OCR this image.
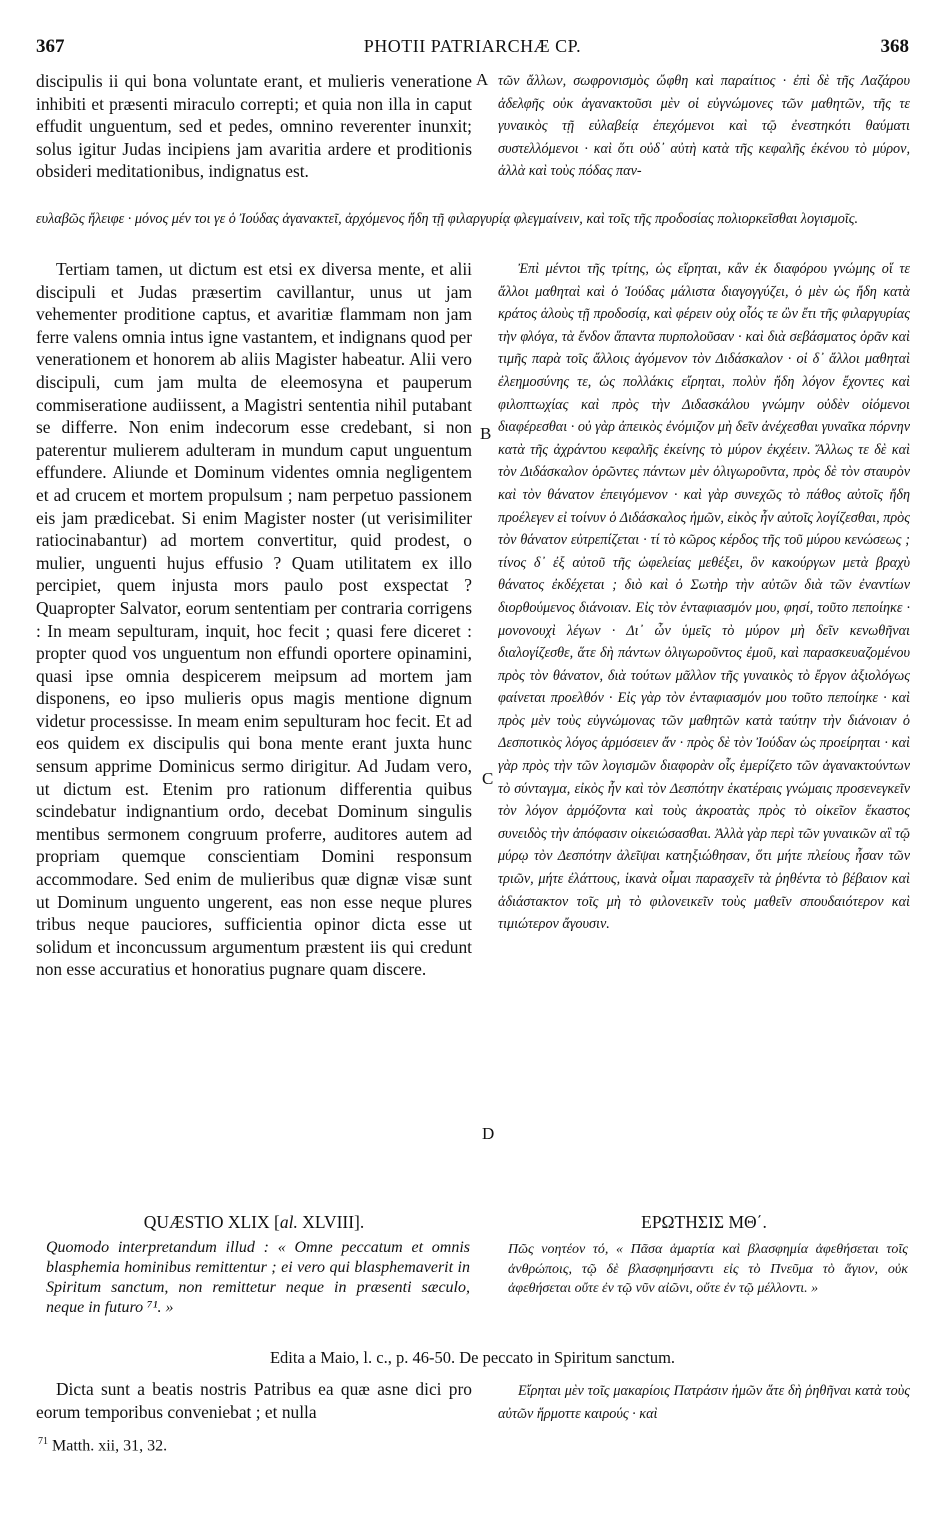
367	PHOTII PATRIARCHÆ CP.	368

discipulis ii qui bona voluntate erant, et mulieris veneratione inhibiti et præsenti miraculo correpti; et quia non illa in caput effudit unguentum, sed et pedes, omnino reverenter inunxit; solus igitur Judas incipiens jam avaritia ardere et proditionis obsideri meditationibus, indignatus est.

A τῶν ἄλλων, σωφρονισμὸς ὤφθη καὶ παραίτιος · ἐπὶ δὲ τῆς Λαζάρου ἀδελφῆς οὐκ ἀγανακτοῦσι μὲν οἱ εὐγνώμονες τῶν μαθητῶν, τῆς τε γυναικὸς τῇ εὐλαβείᾳ ἐπεχόμενοι καὶ τῷ ἐνεστηκότι θαύματι συστελλόμενοι · καὶ ὅτι οὐδ᾽ αὐτὴ κατὰ τῆς κεφαλῆς ἐκένου τὸ μύρον, ἀλλὰ καὶ τοὺς πόδας παν-

ευλαβῶς ἤλειφε · μόνος μέν τοι γε ὁ Ἰούδας ἀγανακτεῖ, ἀρχόμενος ἤδη τῇ φιλαργυρίᾳ φλεγμαίνειν, καὶ τοῖς τῆς προδοσίας πολιορκεῖσθαι λογισμοῖς.

Tertiam tamen, ut dictum est etsi ex diversa mente, et alii discipuli et Judas præsertim cavillantur, unus ut jam vehementer proditione captus, et avaritiæ flammam non jam ferre valens omnia intus igne vastantem, et indignans quod per venerationem et honorem ab aliis Magister habeatur. Alii vero discipuli, cum jam multa de eleemosyna et pauperum commiseratione audiissent, a Magistri sententia nihil putabant se differre. Non enim indecorum esse credebant, si non paterentur mulierem adulteram in mundum caput unguentum effundere. Aliunde et Dominum videntes omnia negligentem et ad crucem et mortem propulsum ; nam perpetuo passionem eis jam prædicebat. Si enim Magister noster (ut verisimiliter ratiocinabantur) ad mortem convertitur, quid prodest, o mulier, unguenti hujus effusio ? Quam utilitatem ex illo percipiet, quem injusta mors paulo post exspectat ? Quapropter Salvator, eorum sententiam per contraria corrigens : In meam sepulturam, inquit, hoc fecit ; quasi fere diceret : propter quod vos unguentum non effundi oportere opinamini, quasi ipse omnia despicerem meipsum ad mortem jam disponens, eo ipso mulieris opus magis mentione dignum videtur processisse. In meam enim sepulturam hoc fecit. Et ad eos quidem ex discipulis qui bona mente erant juxta hunc sensum apprime Dominicus sermo dirigitur. Ad Judam vero, ut dictum est. Etenim pro rationum differentia quibus scindebatur indignantium ordo, decebat Dominum singulis mentibus sermonem congruum proferre, auditores autem ad propriam quemque conscientiam Domini responsum accommodare. Sed enim de mulieribus quæ dignæ visæ sunt ut Dominum unguento ungerent, eas non esse neque plures tribus neque pauciores, sufficientia opinor dicta esse ut solidum et inconcussum argumentum præstent iis qui credunt non esse accuratius et honoratius pugnare quam discere.

B
C
D

Ἐπὶ μέντοι τῆς τρίτης, ὡς εἴρηται, κἂν ἐκ διαφόρου γνώμης οἵ τε ἄλλοι μαθηταὶ καὶ ὁ Ἰούδας μάλιστα διαγογγύζει, ὁ μὲν ὡς ἤδη κατὰ κράτος ἁλοὺς τῇ προδοσίᾳ, καὶ φέρειν οὐχ οἷός τε ὢν ἔτι τῆς φιλαργυρίας τὴν φλόγα, τὰ ἔνδον ἅπαντα πυρπολοῦσαν · καὶ διὰ σεβάσματος ὁρᾶν καὶ τιμῆς παρὰ τοῖς ἄλλοις ἀγόμενον τὸν Διδάσκαλον · οἱ δ᾽ ἄλλοι μαθηταὶ ἐλεημοσύνης τε, ὡς πολλάκις εἴρηται, πολὺν ἤδη λόγον ἔχοντες καὶ φιλοπτωχίας καὶ πρὸς τὴν Διδασκάλου γνώμην οὐδὲν οἰόμενοι διαφέρεσθαι · οὐ γὰρ ἀπεικὸς ἐνόμιζον μὴ δεῖν ἀνέχεσθαι γυναῖκα πόρνην κατὰ τῆς ἀχράντου κεφαλῆς ἐκείνης τὸ μύρον ἐκχέειν. Ἄλλως τε δὲ καὶ τὸν Διδάσκαλον ὁρῶντες πάντων μὲν ὀλιγωροῦντα, πρὸς δὲ τὸν σταυρὸν καὶ τὸν θάνατον ἐπειγόμενον · καὶ γὰρ συνεχῶς τὸ πάθος αὐτοῖς ἤδη προέλεγεν εἰ τοίνυν ὁ Διδάσκαλος ἡμῶν, εἰκὸς ἦν αὐτοῖς λογίζεσθαι, πρὸς τὸν θάνατον εὐτρεπίζεται · τί τὸ κῶρος κέρδος τῆς τοῦ μύρου κενώσεως ; τίνος δ᾽ ἐξ αὐτοῦ τῆς ὠφελείας μεθέξει, ὃν κακούργων μετὰ βραχὺ θάνατος ἐκδέχεται ; διὸ καὶ ὁ Σωτὴρ τὴν αὐτῶν διὰ τῶν ἐναντίων διορθούμενος διάνοιαν. Εἰς τὸν ἐνταφιασμόν μου, φησί, τοῦτο πεποίηκε · μονονουχὶ λέγων · Δι᾽ ὧν ὑμεῖς τὸ μύρον μὴ δεῖν κενωθῆναι διαλογίζεσθε, ἅτε δὴ πάντων ὀλιγωροῦντος ἐμοῦ, καὶ παρασκευαζομένου πρὸς τὸν θάνατον, διὰ τούτων μᾶλλον τῆς γυναικὸς τὸ ἔργον ἀξιολόγως φαίνεται προελθόν · Εἰς γὰρ τὸν ἐνταφιασμόν μου τοῦτο πεποίηκε · καὶ πρὸς μὲν τοὺς εὐγνώμονας τῶν μαθητῶν κατὰ ταύτην τὴν διάνοιαν ὁ Δεσποτικὸς λόγος ἁρμόσειεν ἄν · πρὸς δὲ τὸν Ἰούδαν ὡς προείρηται · καὶ γὰρ πρὸς τὴν τῶν λογισμῶν διαφορὰν οἷς ἐμερίζετο τῶν ἀγανακτούντων τὸ σύνταγμα, εἰκὸς ἦν καὶ τὸν Δεσπότην ἑκατέραις γνώμαις προσενεγκεῖν τὸν λόγον ἁρμόζοντα καὶ τοὺς ἀκροατὰς πρὸς τὸ οἰκεῖον ἕκαστος συνειδὸς τὴν ἀπόφασιν οἰκειώσασθαι. Ἀλλὰ γὰρ περὶ τῶν γυναικῶν αἳ τῷ μύρῳ τὸν Δεσπότην ἀλεῖψαι κατηξιώθησαν, ὅτι μήτε πλείους ἦσαν τῶν τριῶν, μήτε ἐλάττους, ἱκανὰ οἶμαι παρασχεῖν τὰ ῥηθέντα τὸ βέβαιον καὶ ἀδιάστακτον τοῖς μὴ τὸ φιλονεικεῖν τοὺς μαθεῖν σπουδαιότερον καὶ τιμιώτερον ἄγουσιν.

QUÆSTIO XLIX [al. XLVIII].	ΕΡΩΤΗΣΙΣ ΜΘ΄.
Quomodo interpretandum illud : « Omne peccatum et omnis blasphemia hominibus remittentur ; ei vero qui blasphemaverit in Spiritum sanctum, non remittetur neque in præsenti sæculo, neque in futuro ⁷¹. »
Πῶς νοητέον τό, « Πᾶσα ἁμαρτία καὶ βλασφημία ἀφεθήσεται τοῖς ἀνθρώποις, τῷ δὲ βλασφημήσαντι εἰς τὸ Πνεῦμα τὸ ἅγιον, οὐκ ἀφεθήσεται οὔτε ἐν τῷ νῦν αἰῶνι, οὔτε ἐν τῷ μέλλοντι. »
Edita a Maio, l. c., p. 46-50. De peccato in Spiritum sanctum.

Dicta sunt a beatis nostris Patribus ea quæ asne dici pro eorum temporibus conveniebat ; et nulla

Εἴρηται μὲν τοῖς μακαρίοις Πατράσιν ἡμῶν ἅτε δὴ ῥηθῆναι κατὰ τοὺς αὐτῶν ἥρμοττε καιρούς · καὶ

$^{71}$ Matth. xii, 31, 32.
